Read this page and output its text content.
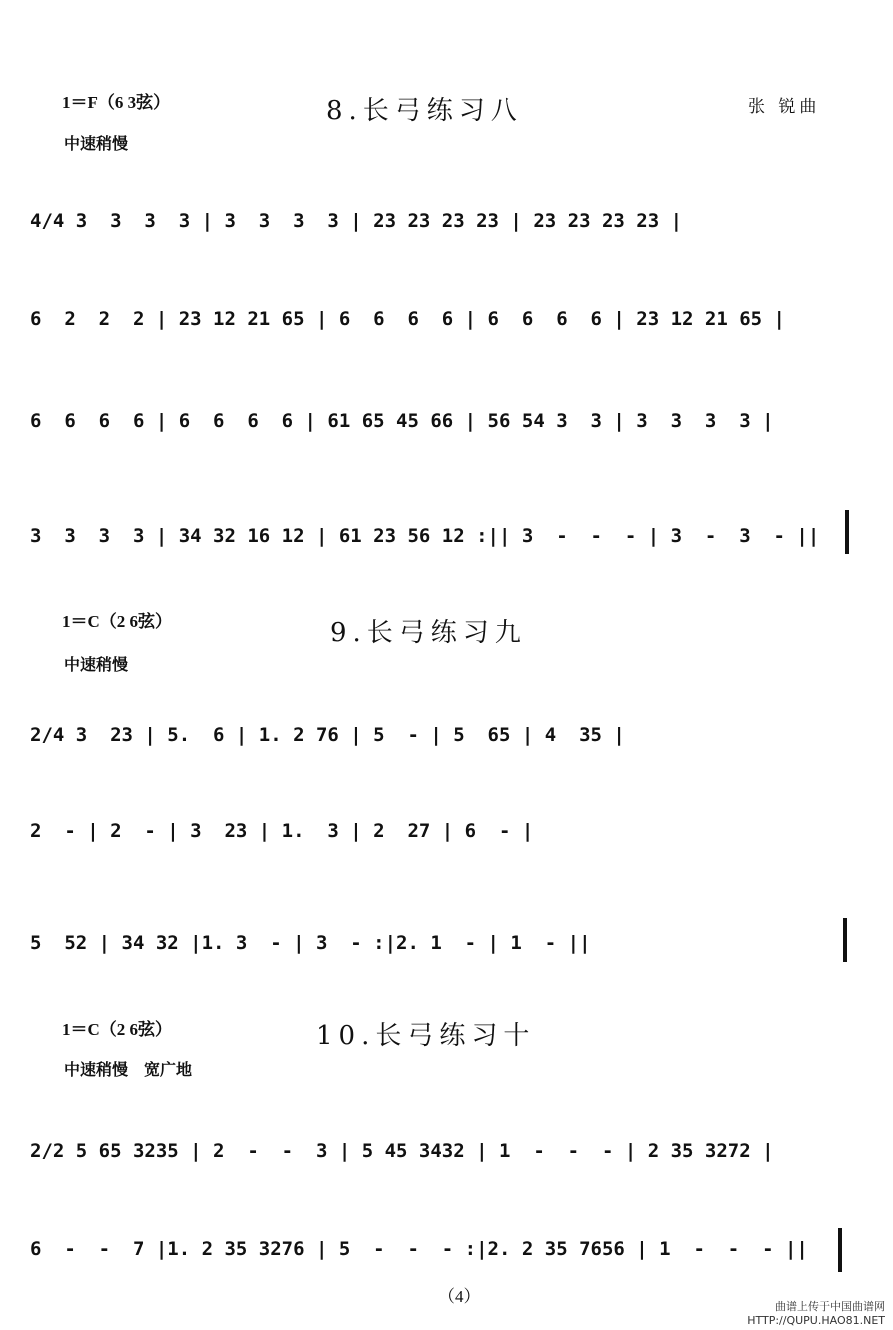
1＝F（6 3弦）	8.长弓练习八	张 锐曲
中速稍慢
4/4 3  3  3  3 | 3  3  3  3 | 23 23 23 23 | 23 23 23 23 |
6  2  2  2 | 23 12 21 65 | 6  6  6  6 | 6  6  6  6 | 23 12 21 65 |
6  6  6  6 | 6  6  6  6 | 61 65 45 66 | 56 54 3  3 | 3  3  3  3 |
3  3  3  3 | 34 32 16 12 | 61 23 56 12 :|| 3  -  -  - | 3  -  3  - ||
1＝C（2 6弦）	9.长弓练习九
中速稍慢
2/4 3  23 | 5.  6 | 1. 2 76 | 5  - | 5  65 | 4  35 |
2  - | 2  - | 3  23 | 1.  3 | 2  27 | 6  - |
5  52 | 34 32 |1. 3  - | 3  - :|2. 1  - | 1  - ||
1＝C（2 6弦）	10.长弓练习十
中速稍慢　宽广地
2/2 5 65 3235 | 2  -  -  3 | 5 45 3432 | 1  -  -  - | 2 35 3272 |
6  -  -  7 |1. 2 35 3276 | 5  -  -  - :|2. 2 35 7656 | 1  -  -  - ||
（4）
曲谱上传于中国曲谱网
HTTP://QUPU.HAO81.NET
